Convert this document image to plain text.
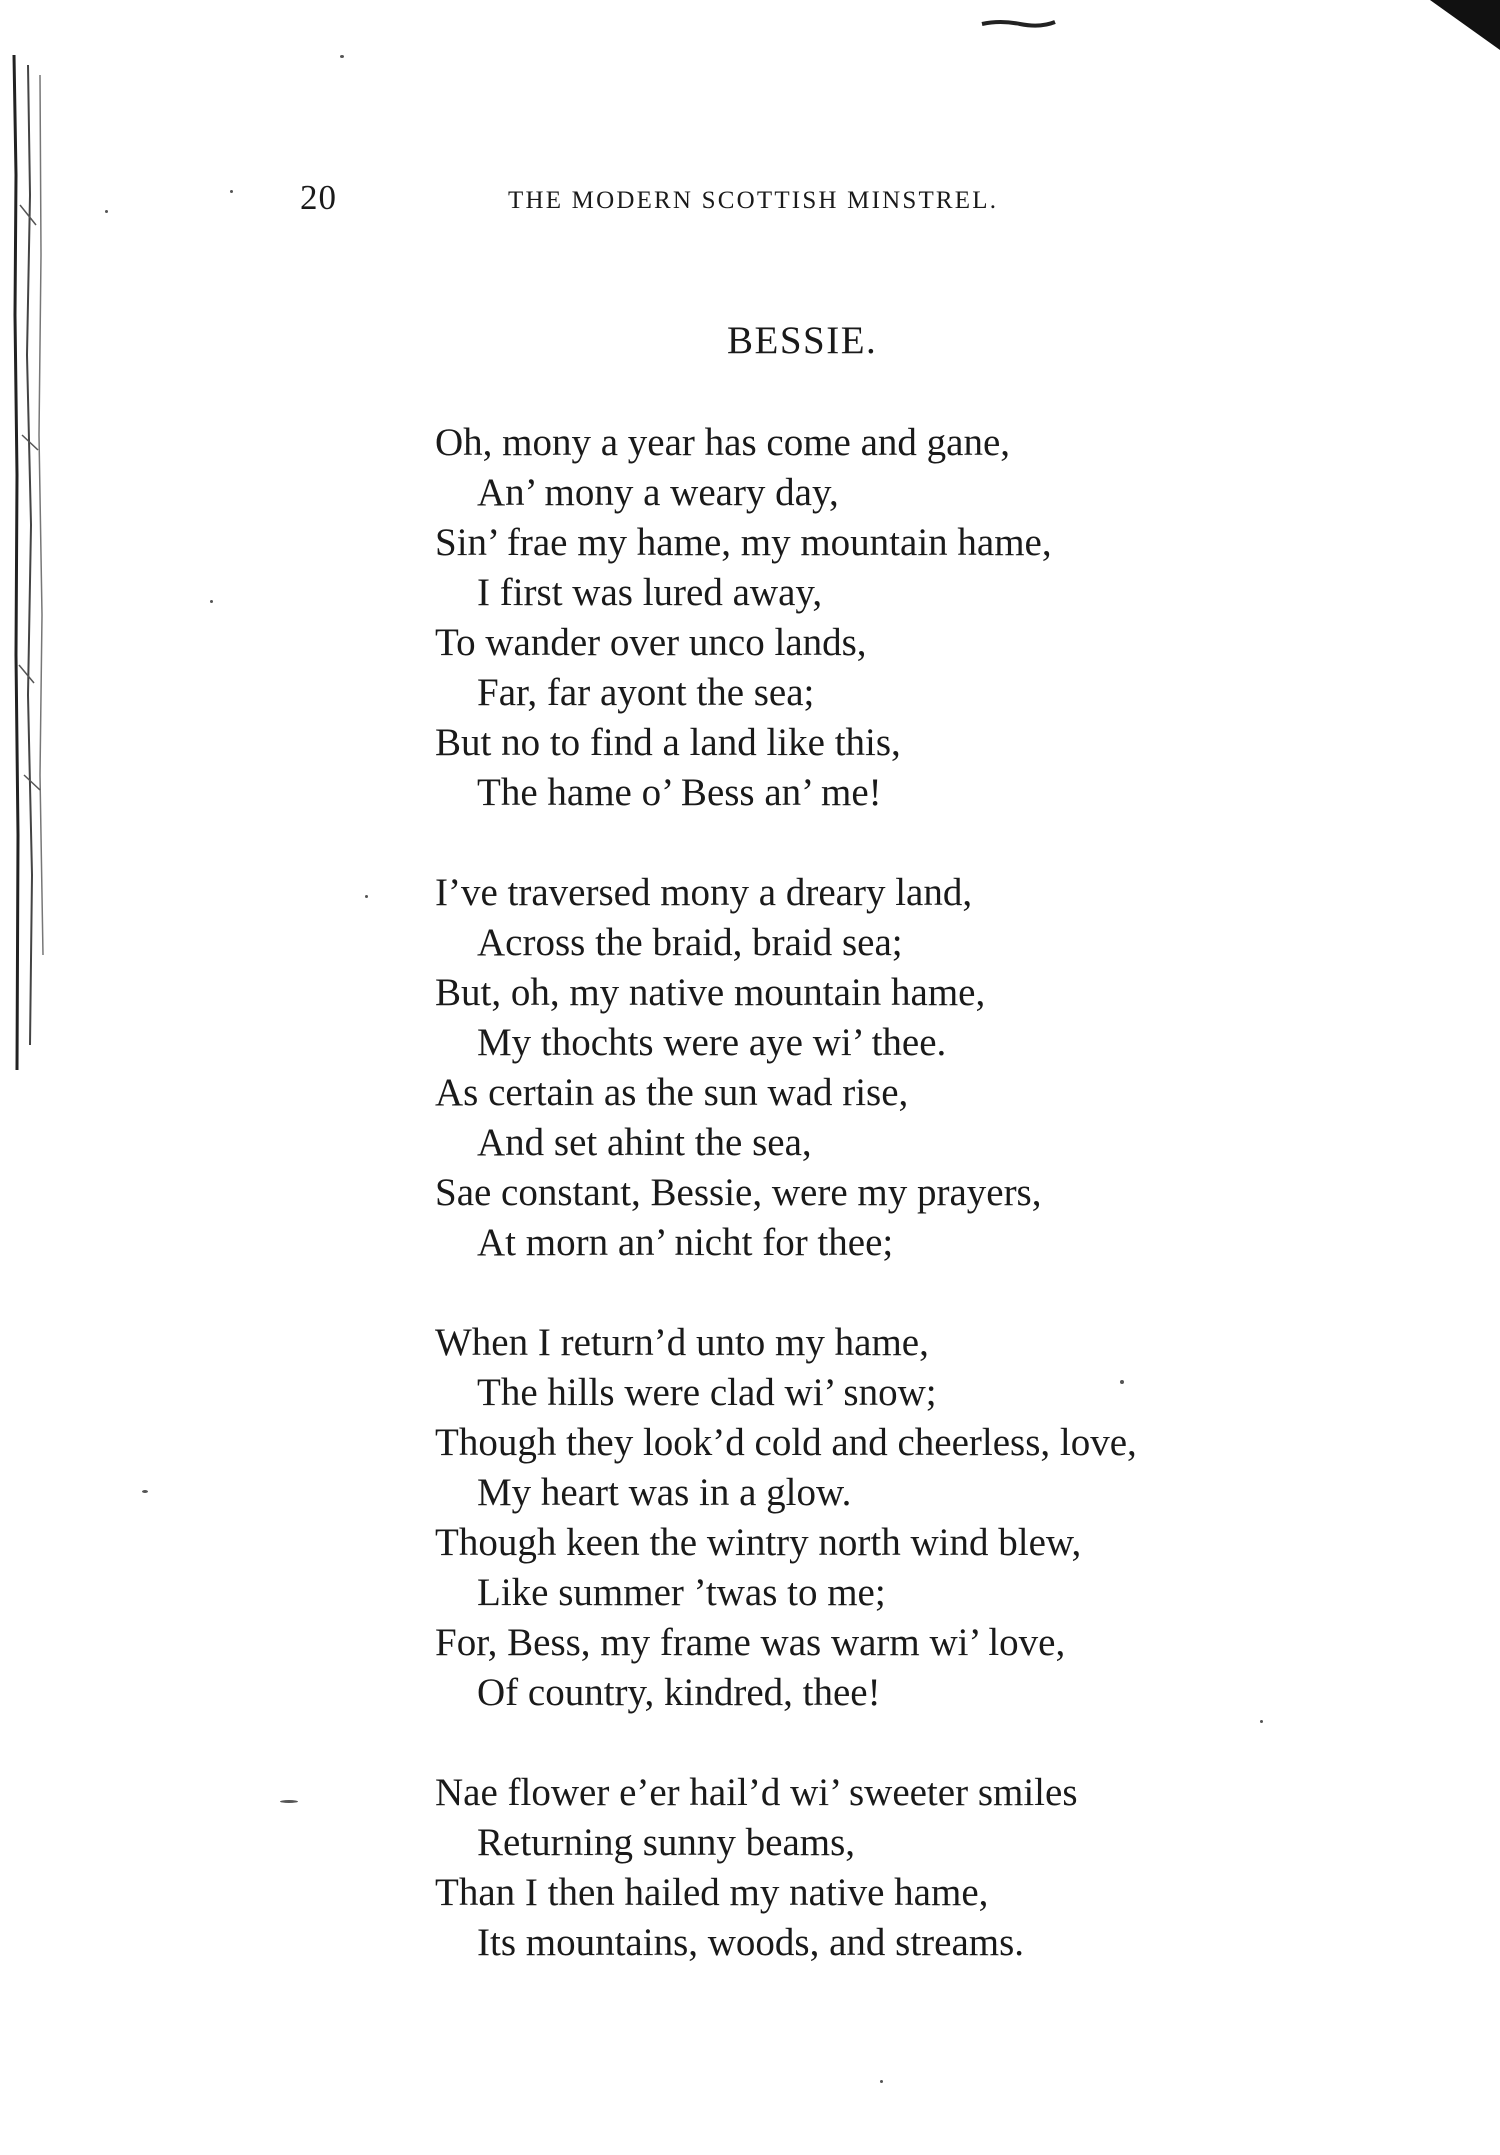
20	THE MODERN SCOTTISH MINSTREL.
BESSIE.
Oh, mony a year has come and gane,
An’ mony a weary day,
Sin’ frae my hame, my mountain hame,
I first was lured away,
To wander over unco lands,
Far, far ayont the sea;
But no to find a land like this,
The hame o’ Bess an’ me!
I’ve traversed mony a dreary land,
Across the braid, braid sea;
But, oh, my native mountain hame,
My thochts were aye wi’ thee.
As certain as the sun wad rise,
And set ahint the sea,
Sae constant, Bessie, were my prayers,
At morn an’ nicht for thee;
When I return’d unto my hame,
The hills were clad wi’ snow;
Though they look’d cold and cheerless, love,
My heart was in a glow.
Though keen the wintry north wind blew,
Like summer ’twas to me;
For, Bess, my frame was warm wi’ love,
Of country, kindred, thee!
Nae flower e’er hail’d wi’ sweeter smiles
Returning sunny beams,
Than I then hailed my native hame,
Its mountains, woods, and streams.
